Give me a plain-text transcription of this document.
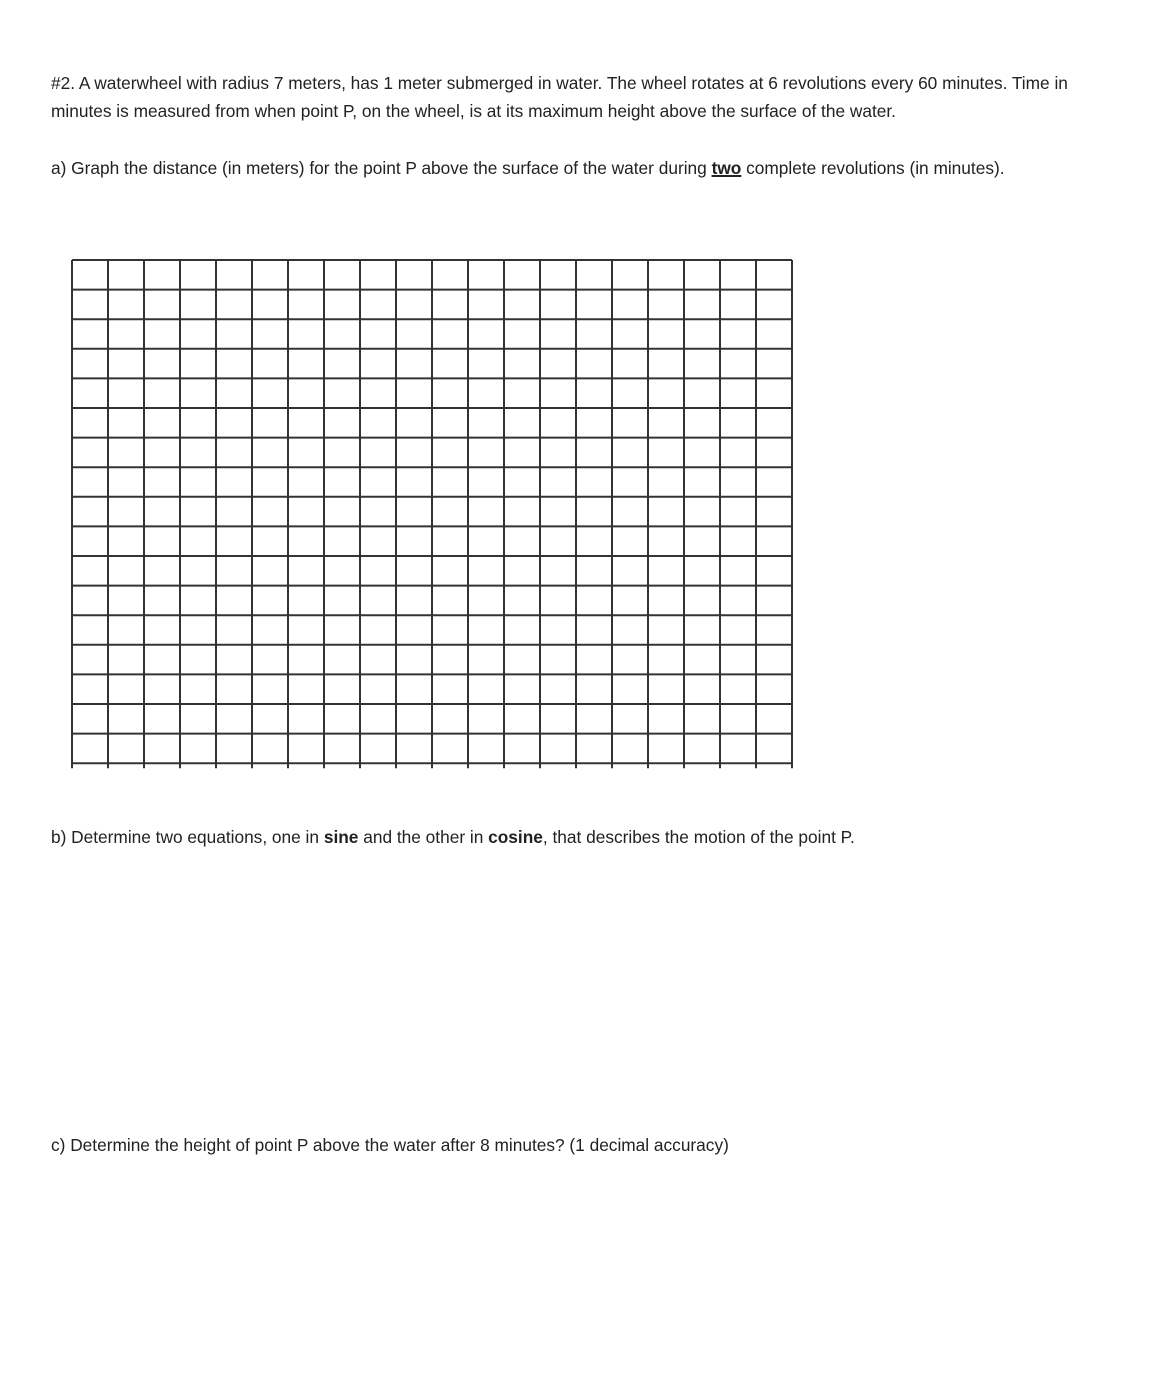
#2. A waterwheel with radius 7 meters, has 1 meter submerged in water. The wheel rotates at 6 revolutions every 60 minutes. Time in minutes is measured from when point P, on the wheel, is at its maximum height above the surface of the water.
a) Graph the distance (in meters) for the point P above the surface of the water during two complete revolutions (in minutes).
b) Determine two equations, one in sine and the other in cosine, that describes the motion of the point P.
c) Determine the height of point P above the water after 8 minutes? (1 decimal accuracy)
